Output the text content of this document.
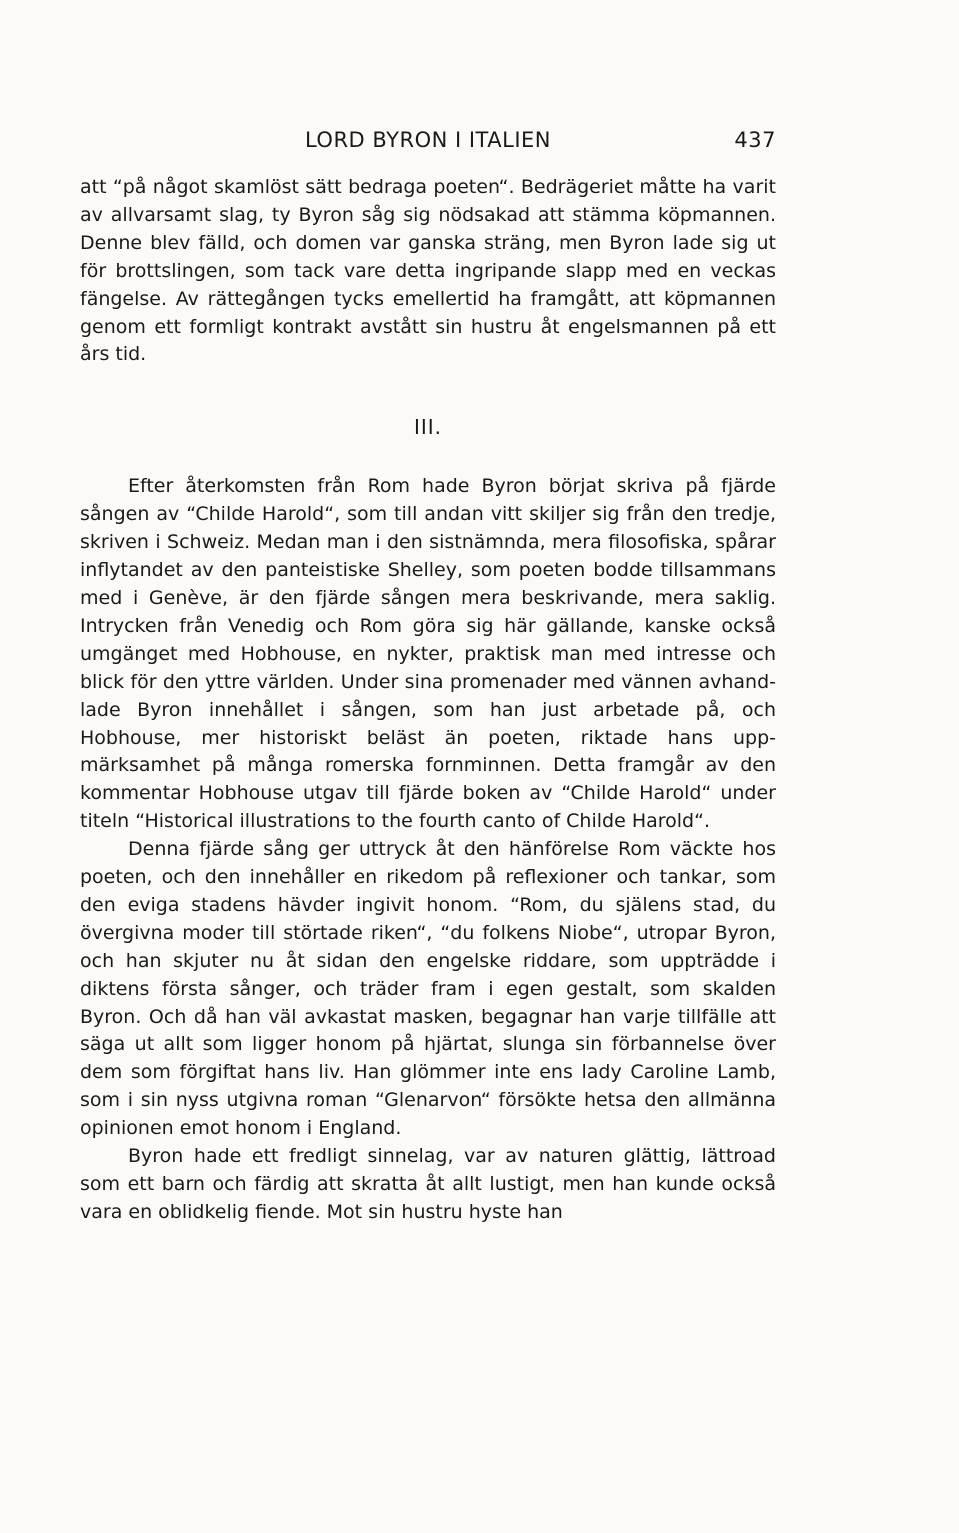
LORD BYRON I ITALIEN	437

att “på något skamlöst sätt bedraga poeten“. Bedrägeriet måtte ha varit av allvarsamt slag, ty Byron såg sig nödsakad att stämma köpmannen. Denne blev fälld, och domen var ganska sträng, men Byron lade sig ut för brottslingen, som tack vare detta ingripande slapp med en veckas fängelse. Av rättegången tycks emellertid ha framgått, att köpmannen genom ett formligt kontrakt avstått sin hustru åt engelsmannen på ett års tid.

III.

Efter återkomsten från Rom hade Byron börjat skriva på fjärde sången av “Childe Harold“, som till andan vitt skiljer sig från den tredje, skriven i Schweiz. Medan man i den sistnämnda, mera filosofiska, spårar inflytandet av den panteistiske Shelley, som poeten bodde tillsammans med i Genève, är den fjärde sången mera beskrivande, mera saklig. Intrycken från Venedig och Rom göra sig här gällande, kanske också umgänget med Hobhouse, en nykter, praktisk man med intresse och blick för den yttre världen. Under sina promenader med vännen avhandlade Byron innehållet i sången, som han just arbetade på, och Hobhouse, mer historiskt beläst än poeten, riktade hans uppmärksamhet på många romerska fornminnen. Detta framgår av den kommentar Hobhouse utgav till fjärde boken av “Childe Harold“ under titeln “Historical illustrations to the fourth canto of Childe Harold“.

Denna fjärde sång ger uttryck åt den hänförelse Rom väckte hos poeten, och den innehåller en rikedom på reflexioner och tankar, som den eviga stadens hävder ingivit honom. “Rom, du själens stad, du övergivna moder till störtade riken“, “du folkens Niobe“, utropar Byron, och han skjuter nu åt sidan den engelske riddare, som uppträdde i diktens första sånger, och träder fram i egen gestalt, som skalden Byron. Och då han väl avkastat masken, begagnar han varje tillfälle att säga ut allt som ligger honom på hjärtat, slunga sin förbannelse över dem som förgiftat hans liv. Han glömmer inte ens lady Caroline Lamb, som i sin nyss utgivna roman “Glenarvon“ försökte hetsa den allmänna opinionen emot honom i England.

Byron hade ett fredligt sinnelag, var av naturen glättig, lättroad som ett barn och färdig att skratta åt allt lustigt, men han kunde också vara en oblidkelig fiende. Mot sin hustru hyste han
